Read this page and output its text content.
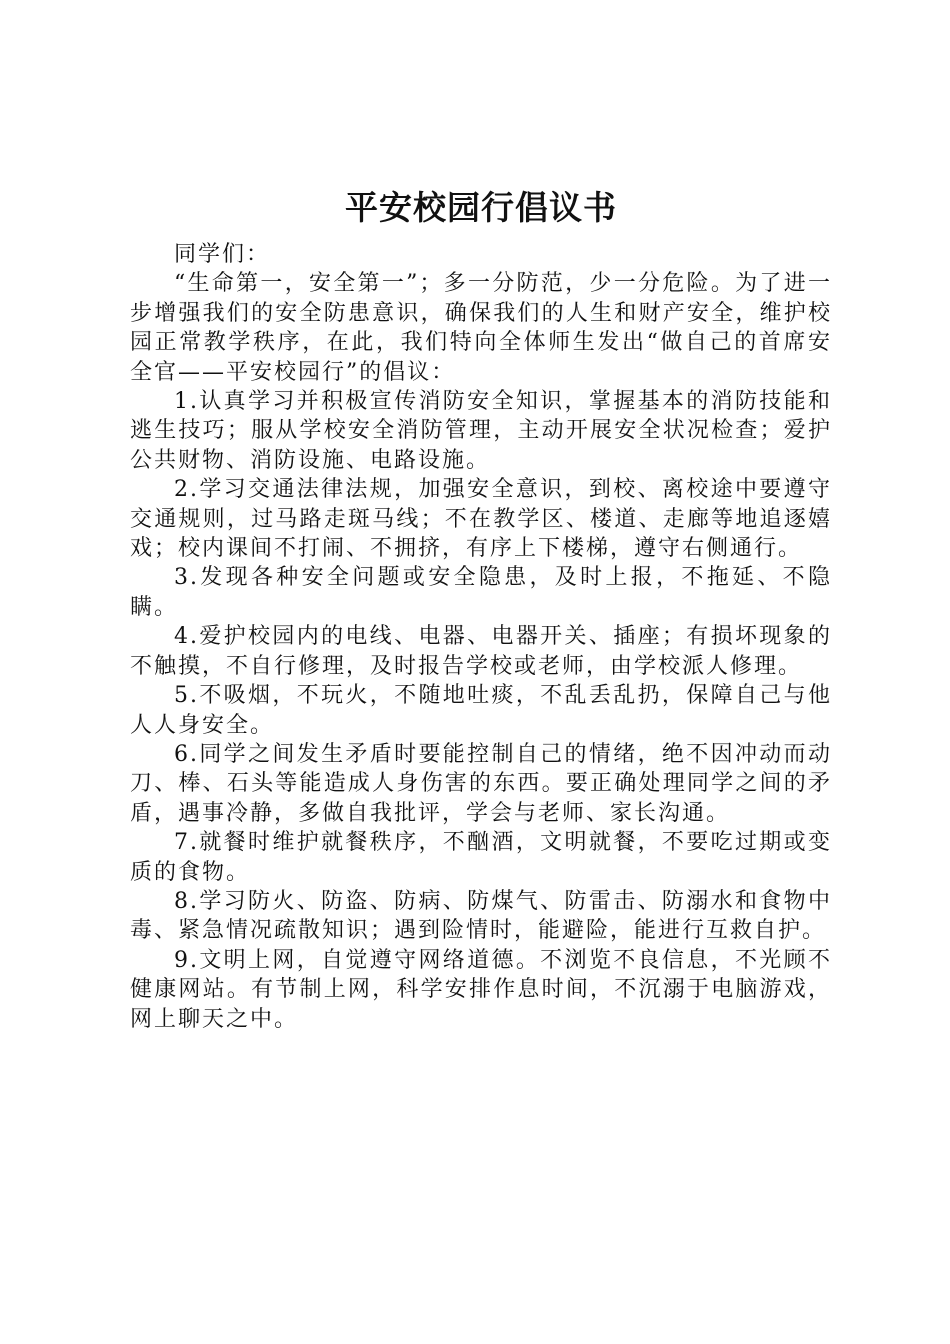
平安校园行倡议书

同学们：

“生命第一，安全第一”；多一分防范，少一分危险。为了进一步增强我们的安全防患意识，确保我们的人生和财产安全，维护校园正常教学秩序，在此，我们特向全体师生发出“做自己的首席安全官——平安校园行”的倡议：

1.认真学习并积极宣传消防安全知识，掌握基本的消防技能和逃生技巧；服从学校安全消防管理，主动开展安全状况检查；爱护公共财物、消防设施、电路设施。

2.学习交通法律法规，加强安全意识，到校、离校途中要遵守交通规则，过马路走斑马线；不在教学区、楼道、走廊等地追逐嬉戏；校内课间不打闹、不拥挤，有序上下楼梯，遵守右侧通行。

3.发现各种安全问题或安全隐患，及时上报，不拖延、不隐瞒。

4.爱护校园内的电线、电器、电器开关、插座；有损坏现象的不触摸，不自行修理，及时报告学校或老师，由学校派人修理。

5.不吸烟，不玩火，不随地吐痰，不乱丢乱扔，保障自己与他人人身安全。

6.同学之间发生矛盾时要能控制自己的情绪，绝不因冲动而动刀、棒、石头等能造成人身伤害的东西。要正确处理同学之间的矛盾，遇事冷静，多做自我批评，学会与老师、家长沟通。

7.就餐时维护就餐秩序，不酗酒，文明就餐，不要吃过期或变质的食物。

8.学习防火、防盗、防病、防煤气、防雷击、防溺水和食物中毒、紧急情况疏散知识；遇到险情时，能避险，能进行互救自护。

9.文明上网，自觉遵守网络道德。不浏览不良信息，不光顾不健康网站。有节制上网，科学安排作息时间，不沉溺于电脑游戏，网上聊天之中。
